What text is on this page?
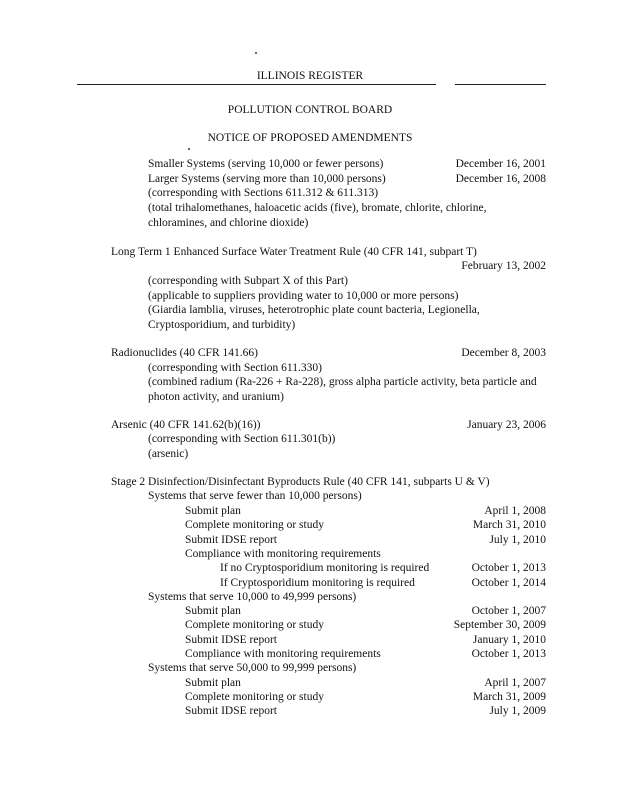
ILLINOIS REGISTER
POLLUTION CONTROL BOARD
NOTICE OF PROPOSED AMENDMENTS
Smaller Systems (serving 10,000 or fewer persons)	December 16, 2001
Larger Systems (serving more than 10,000 persons)	December 16, 2008
(corresponding with Sections 611.312 & 611.313)
(total trihalomethanes, haloacetic acids (five), bromate, chlorite, chlorine,
chloramines, and chlorine dioxide)
Long Term 1 Enhanced Surface Water Treatment Rule (40 CFR 141, subpart T)
February 13, 2002
(corresponding with Subpart X of this Part)
(applicable to suppliers providing water to 10,000 or more persons)
(Giardia lamblia, viruses, heterotrophic plate count bacteria, Legionella,
Cryptosporidium, and turbidity)
Radionuclides (40 CFR 141.66)	December 8, 2003
(corresponding with Section 611.330)
(combined radium (Ra-226 + Ra-228), gross alpha particle activity, beta particle and
photon activity, and uranium)
Arsenic (40 CFR 141.62(b)(16))	January 23, 2006
(corresponding with Section 611.301(b))
(arsenic)
Stage 2 Disinfection/Disinfectant Byproducts Rule (40 CFR 141, subparts U & V)
Systems that serve fewer than 10,000 persons)
Submit plan	April 1, 2008
Complete monitoring or study	March 31, 2010
Submit IDSE report	July 1, 2010
Compliance with monitoring requirements
If no Cryptosporidium monitoring is required	October 1, 2013
If Cryptosporidium monitoring is required	October 1, 2014
Systems that serve 10,000 to 49,999 persons)
Submit plan	October 1, 2007
Complete monitoring or study	September 30, 2009
Submit IDSE report	January 1, 2010
Compliance with monitoring requirements	October 1, 2013
Systems that serve 50,000 to 99,999 persons)
Submit plan	April 1, 2007
Complete monitoring or study	March 31, 2009
Submit IDSE report	July 1, 2009
